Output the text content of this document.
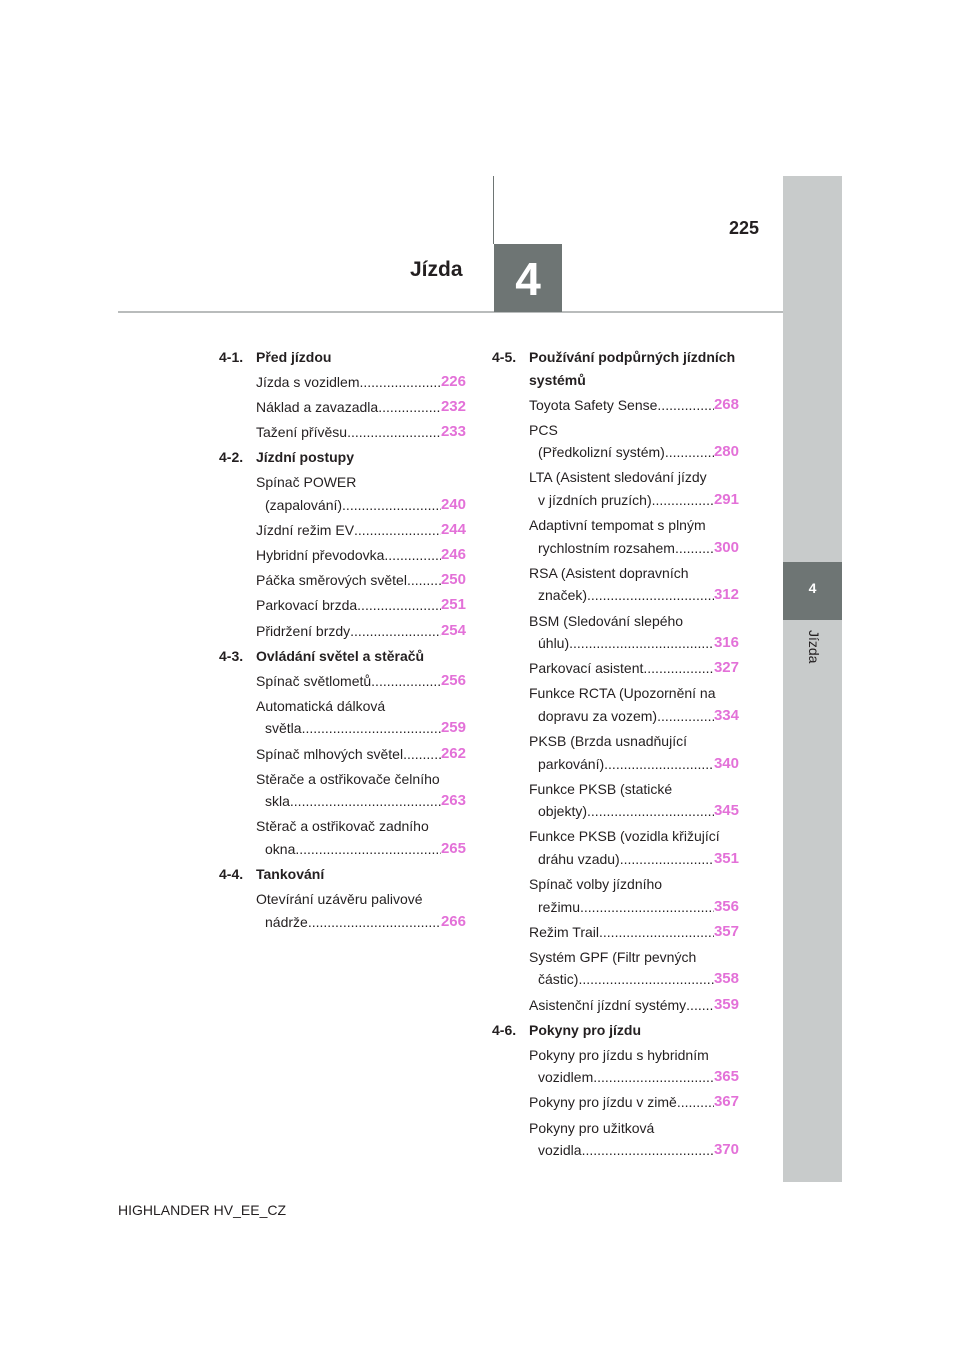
4
Jízda
4
Jízda
225
4-1. Před jízdou
Jízda s vozidlem .....	226
Náklad a zavazadla .....	232
Tažení přívěsu .....	233
4-2. Jízdní postupy
Spínač POWER
(zapalování) .....	240
Jízdní režim EV .....	244
Hybridní převodovka .....	246
Páčka směrových světel ..... 250
Parkovací brzda .....	251
Přidržení brzdy .....	254
4-3. Ovládání světel a stěračů
Spínač světlometů .....	256
Automatická dálková
světla .....	259
Spínač mlhových světel .....	262
Stěrače a ostřikovače čelního
skla .....	263
Stěrač a ostřikovač zadního
okna .....	265
4-4. Tankování
Otevírání uzávěru palivové
nádrže .....	266
4-5. Používání podpůrných jízdních systémů
Toyota Safety Sense .....	268
PCS
(Předkolizní systém) .....	280
LTA (Asistent sledování jízdy
v jízdních pruzích) .....	291
Adaptivní tempomat s plným
rychlostním rozsahem .....	300
RSA (Asistent dopravních
značek) .....	312
BSM (Sledování slepého
úhlu) .....	316
Parkovací asistent .....	327
Funkce RCTA (Upozornění na
dopravu za vozem) .....	334
PKSB (Brzda usnadňující
parkování) .....	340
Funkce PKSB (statické
objekty) .....	345
Funkce PKSB (vozidla křižující
dráhu vzadu) .....	351
Spínač volby jízdního
režimu .....	356
Režim Trail .....	357
Systém GPF (Filtr pevných
částic) .....	358
Asistenční jízdní systémy ..... 359
4-6. Pokyny pro jízdu
Pokyny pro jízdu s hybridním
vozidlem .....	365
Pokyny pro jízdu v zimě ..... 367
Pokyny pro užitková
vozidla .....	370
HIGHLANDER HV_EE_CZ
